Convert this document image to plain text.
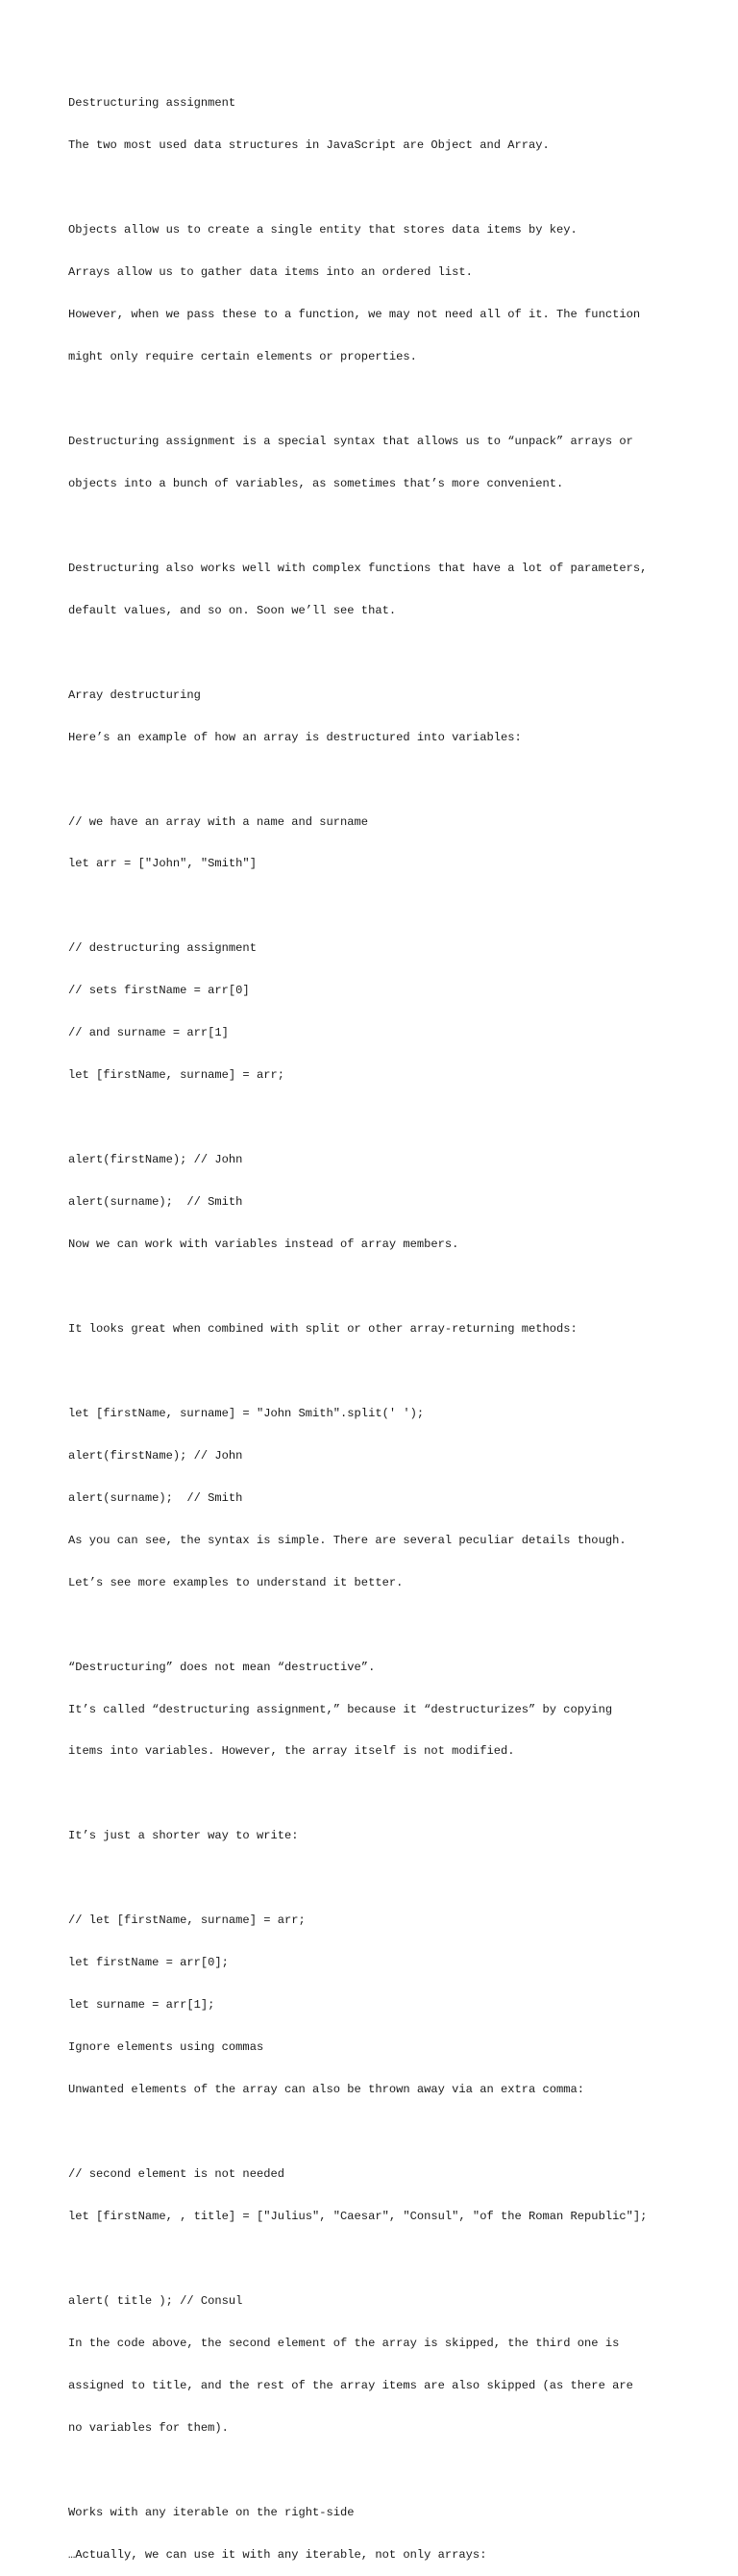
Destructuring assignment

The two most used data structures in JavaScript are Object and Array.

Objects allow us to create a single entity that stores data items by key.

Arrays allow us to gather data items into an ordered list.

However, when we pass these to a function, we may not need all of it. The function

might only require certain elements or properties.

Destructuring assignment is a special syntax that allows us to “unpack” arrays or

objects into a bunch of variables, as sometimes that’s more convenient.

Destructuring also works well with complex functions that have a lot of parameters,

default values, and so on. Soon we’ll see that.

Array destructuring

Here’s an example of how an array is destructured into variables:

// we have an array with a name and surname

let arr = ["John", "Smith"]

// destructuring assignment

// sets firstName = arr[0]

// and surname = arr[1]

let [firstName, surname] = arr;

alert(firstName); // John

alert(surname);  // Smith

Now we can work with variables instead of array members.

It looks great when combined with split or other array-returning methods:

let [firstName, surname] = "John Smith".split(' ');

alert(firstName); // John

alert(surname);  // Smith

As you can see, the syntax is simple. There are several peculiar details though.

Let’s see more examples to understand it better.

“Destructuring” does not mean “destructive”.

It’s called “destructuring assignment,” because it “destructurizes” by copying

items into variables. However, the array itself is not modified.

It’s just a shorter way to write:

// let [firstName, surname] = arr;

let firstName = arr[0];

let surname = arr[1];

Ignore elements using commas

Unwanted elements of the array can also be thrown away via an extra comma:

// second element is not needed

let [firstName, , title] = ["Julius", "Caesar", "Consul", "of the Roman Republic"];

alert( title ); // Consul

In the code above, the second element of the array is skipped, the third one is

assigned to title, and the rest of the array items are also skipped (as there are

no variables for them).

Works with any iterable on the right-side

…Actually, we can use it with any iterable, not only arrays:
